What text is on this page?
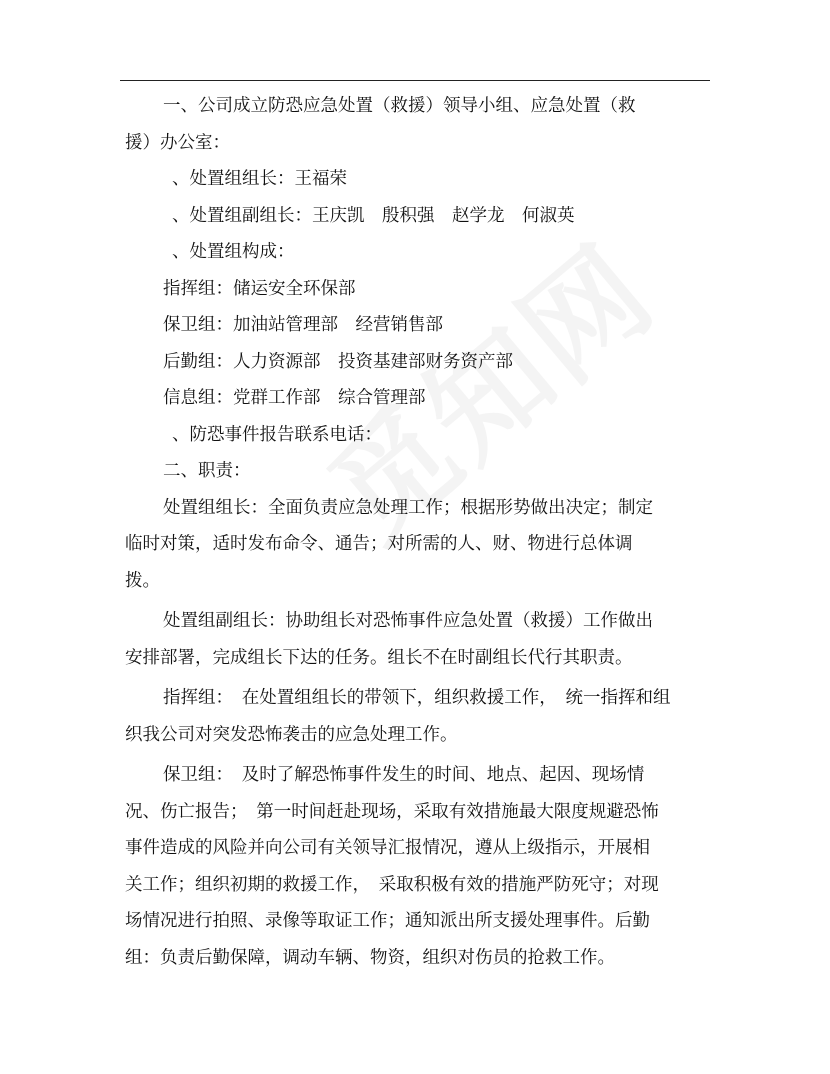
一、公司成立防恐应急处置（救援）领导小组、应急处置（救

援）办公室：

、处置组组长：王福荣

、处置组副组长：王庆凯　殷积强　赵学龙　何淑英

、处置组构成：

指挥组：储运安全环保部

保卫组：加油站管理部　经营销售部

后勤组：人力资源部　投资基建部财务资产部

信息组：党群工作部　综合管理部

、防恐事件报告联系电话：

二、职责：

处置组组长：全面负责应急处理工作；根据形势做出决定；制定

临时对策，适时发布命令、通告；对所需的人、财、物进行总体调

拨。

处置组副组长：协助组长对恐怖事件应急处置（救援）工作做出

安排部署，完成组长下达的任务。组长不在时副组长代行其职责。

指挥组：　在处置组组长的带领下，组织救援工作，　统一指挥和组

织我公司对突发恐怖袭击的应急处理工作。

保卫组：　及时了解恐怖事件发生的时间、地点、起因、现场情

况、伤亡报告；　第一时间赶赴现场，采取有效措施最大限度规避恐怖

事件造成的风险并向公司有关领导汇报情况，遵从上级指示，开展相

关工作；组织初期的救援工作，　采取积极有效的措施严防死守；对现

场情况进行拍照、录像等取证工作；通知派出所支援处理事件。后勤

组：负责后勤保障，调动车辆、物资，组织对伤员的抢救工作。
